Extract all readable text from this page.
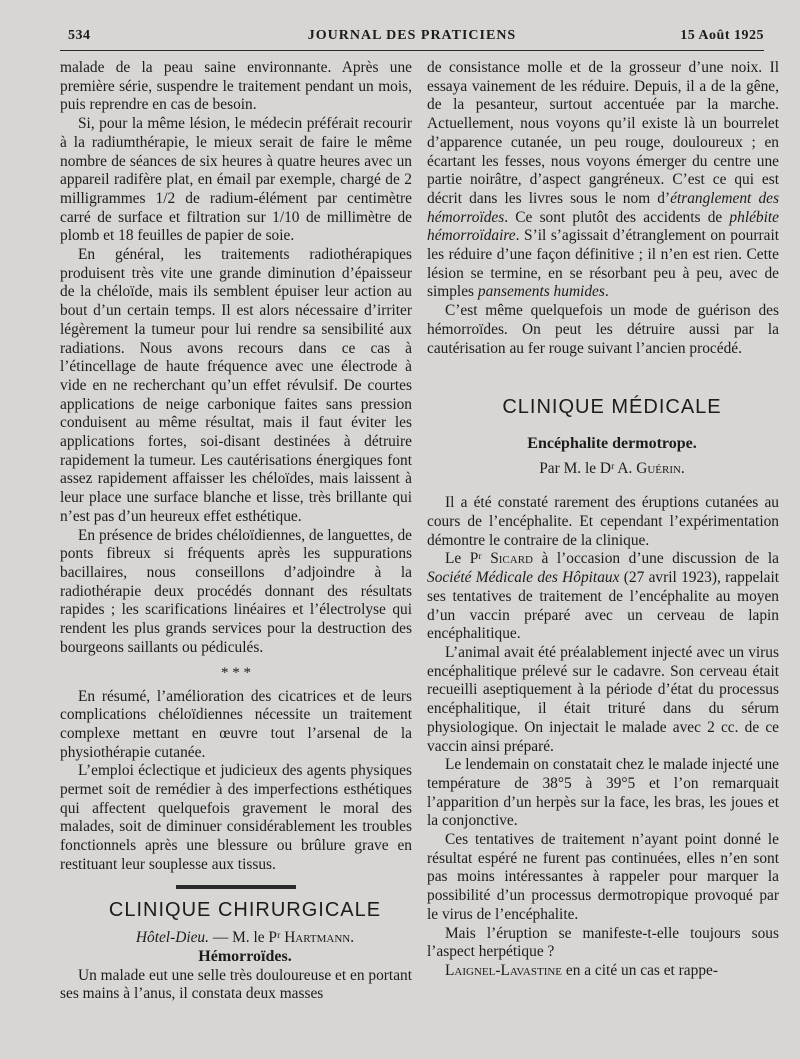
534	JOURNAL DES PRATICIENS	15 Août 1925

malade de la peau saine environnante. Après une première série, suspendre le traitement pendant un mois, puis reprendre en cas de besoin.

Si, pour la même lésion, le médecin préférait recourir à la radiumthérapie, le mieux serait de faire le même nombre de séances de six heures à quatre heures avec un appareil radifère plat, en émail par exemple, chargé de 2 milligrammes 1/2 de radium-élément par centimètre carré de surface et filtration sur 1/10 de millimètre de plomb et 18 feuilles de papier de soie.

En général, les traitements radiothérapiques produisent très vite une grande diminution d’épaisseur de la chéloïde, mais ils semblent épuiser leur action au bout d’un certain temps. Il est alors nécessaire d’irriter légèrement la tumeur pour lui rendre sa sensibilité aux radiations. Nous avons recours dans ce cas à l’étincellage de haute fréquence avec une électrode à vide en ne recherchant qu’un effet révulsif. De courtes applications de neige carbonique faites sans pression conduisent au même résultat, mais il faut éviter les applications fortes, soi-disant destinées à détruire rapidement la tumeur. Les cautérisations énergiques font assez rapidement affaisser les chéloïdes, mais laissent à leur place une surface blanche et lisse, très brillante qui n’est pas d’un heureux effet esthétique.

En présence de brides chéloïdiennes, de languettes, de ponts fibreux si fréquents après les suppurations bacillaires, nous conseillons d’adjoindre à la radiothérapie deux procédés donnant des résultats rapides ; les scarifications linéaires et l’électrolyse qui rendent les plus grands services pour la destruction des bourgeons saillants ou pédiculés.

* * *

En résumé, l’amélioration des cicatrices et de leurs complications chéloïdiennes nécessite un traitement complexe mettant en œuvre tout l’arsenal de la physiothérapie cutanée.

L’emploi éclectique et judicieux des agents physiques permet soit de remédier à des imperfections esthétiques qui affectent quelquefois gravement le moral des malades, soit de diminuer considérablement les troubles fonctionnels après une blessure ou brûlure grave en restituant leur souplesse aux tissus.

CLINIQUE CHIRURGICALE

Hôtel-Dieu. — M. le Pʳ Hartmann.

Hémorroïdes.

Un malade eut une selle très douloureuse et en portant ses mains à l’anus, il constata deux masses

de consistance molle et de la grosseur d’une noix. Il essaya vainement de les réduire. Depuis, il a de la gêne, de la pesanteur, surtout accentuée par la marche. Actuellement, nous voyons qu’il existe là un bourrelet d’apparence cutanée, un peu rouge, douloureux ; en écartant les fesses, nous voyons émerger du centre une partie noirâtre, d’aspect gangréneux. C’est ce qui est décrit dans les livres sous le nom d’étranglement des hémorroïdes. Ce sont plutôt des accidents de phlébite hémorroïdaire. S’il s’agissait d’étranglement on pourrait les réduire d’une façon définitive ; il n’en est rien. Cette lésion se termine, en se résorbant peu à peu, avec de simples pansements humides.

C’est même quelquefois un mode de guérison des hémorroïdes. On peut les détruire aussi par la cautérisation au fer rouge suivant l’ancien procédé.

CLINIQUE MÉDICALE

Encéphalite dermotrope.

Par M. le Dʳ A. Guérin.

Il a été constaté rarement des éruptions cutanées au cours de l’encéphalite. Et cependant l’expérimentation démontre le contraire de la clinique.

Le Pʳ Sicard à l’occasion d’une discussion de la Société Médicale des Hôpitaux (27 avril 1923), rappelait ses tentatives de traitement de l’encéphalite au moyen d’un vaccin préparé avec un cerveau de lapin encéphalitique.

L’animal avait été préalablement injecté avec un virus encéphalitique prélevé sur le cadavre. Son cerveau était recueilli aseptiquement à la période d’état du processus encéphalitique, il était trituré dans du sérum physiologique. On injectait le malade avec 2 cc. de ce vaccin ainsi préparé.

Le lendemain on constatait chez le malade injecté une température de 38°5 à 39°5 et l’on remarquait l’apparition d’un herpès sur la face, les bras, les joues et la conjonctive.

Ces tentatives de traitement n’ayant point donné le résultat espéré ne furent pas continuées, elles n’en sont pas moins intéressantes à rappeler pour marquer la possibilité d’un processus dermotropique provoqué par le virus de l’encéphalite.

Mais l’éruption se manifeste-t-elle toujours sous l’aspect herpétique ?

Laignel-Lavastine en a cité un cas et rappe-
